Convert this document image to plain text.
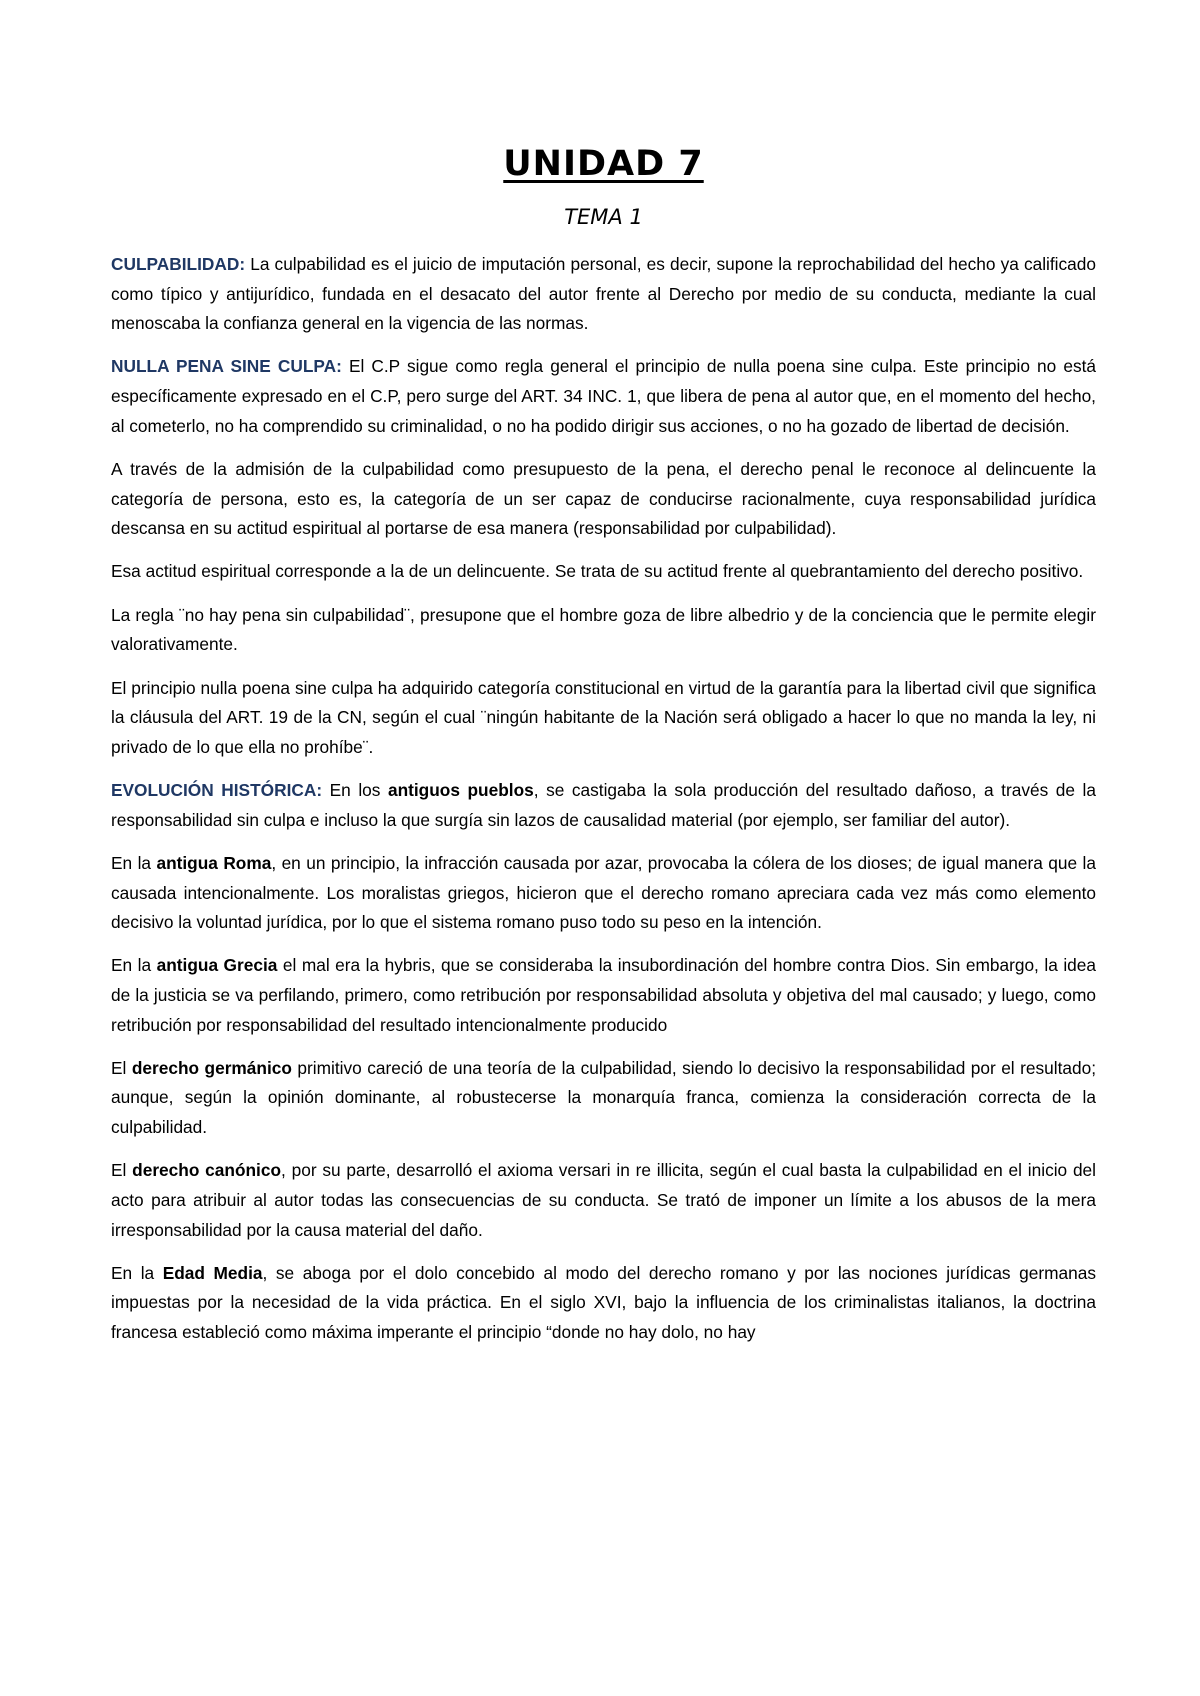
UNIDAD 7
TEMA 1

CULPABILIDAD: La culpabilidad es el juicio de imputación personal, es decir, supone la reprochabilidad del hecho ya calificado como típico y antijurídico, fundada en el desacato del autor frente al Derecho por medio de su conducta, mediante la cual menoscaba la confianza general en la vigencia de las normas.

NULLA PENA SINE CULPA: El C.P sigue como regla general el principio de nulla poena sine culpa. Este principio no está específicamente expresado en el C.P, pero surge del ART. 34 INC. 1, que libera de pena al autor que, en el momento del hecho, al cometerlo, no ha comprendido su criminalidad, o no ha podido dirigir sus acciones, o no ha gozado de libertad de decisión.

A través de la admisión de la culpabilidad como presupuesto de la pena, el derecho penal le reconoce al delincuente la categoría de persona, esto es, la categoría de un ser capaz de conducirse racionalmente, cuya responsabilidad jurídica descansa en su actitud espiritual al portarse de esa manera (responsabilidad por culpabilidad).

Esa actitud espiritual corresponde a la de un delincuente. Se trata de su actitud frente al quebrantamiento del derecho positivo.

La regla ¨no hay pena sin culpabilidad¨, presupone que el hombre goza de libre albedrio y de la conciencia que le permite elegir valorativamente.

El principio nulla poena sine culpa ha adquirido categoría constitucional en virtud de la garantía para la libertad civil que significa la cláusula del ART. 19 de la CN, según el cual ¨ningún habitante de la Nación será obligado a hacer lo que no manda la ley, ni privado de lo que ella no prohíbe¨.

EVOLUCIÓN HISTÓRICA: En los antiguos pueblos, se castigaba la sola producción del resultado dañoso, a través de la responsabilidad sin culpa e incluso la que surgía sin lazos de causalidad material (por ejemplo, ser familiar del autor).

En la antigua Roma, en un principio, la infracción causada por azar, provocaba la cólera de los dioses; de igual manera que la causada intencionalmente. Los moralistas griegos, hicieron que el derecho romano apreciara cada vez más como elemento decisivo la voluntad jurídica, por lo que el sistema romano puso todo su peso en la intención.

En la antigua Grecia el mal era la hybris, que se consideraba la insubordinación del hombre contra Dios. Sin embargo, la idea de la justicia se va perfilando, primero, como retribución por responsabilidad absoluta y objetiva del mal causado; y luego, como retribución por responsabilidad del resultado intencionalmente producido

El derecho germánico primitivo careció de una teoría de la culpabilidad, siendo lo decisivo la responsabilidad por el resultado; aunque, según la opinión dominante, al robustecerse la monarquía franca, comienza la consideración correcta de la culpabilidad.

El derecho canónico, por su parte, desarrolló el axioma versari in re illicita, según el cual basta la culpabilidad en el inicio del acto para atribuir al autor todas las consecuencias de su conducta. Se trató de imponer un límite a los abusos de la mera irresponsabilidad por la causa material del daño.

En la Edad Media, se aboga por el dolo concebido al modo del derecho romano y por las nociones jurídicas germanas impuestas por la necesidad de la vida práctica. En el siglo XVI, bajo la influencia de los criminalistas italianos, la doctrina francesa estableció como máxima imperante el principio “donde no hay dolo, no hay
